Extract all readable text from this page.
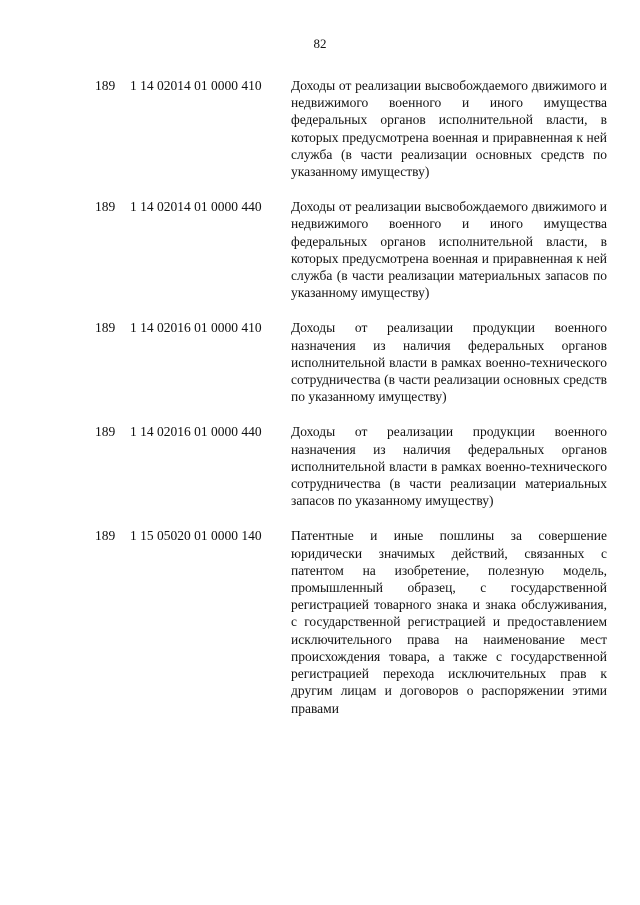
82
189 1 14 02014 01 0000 410 Доходы от реализации высвобождаемого движимого и недвижимого военного и иного имущества федеральных органов исполнительной власти, в которых предусмотрена военная и приравненная к ней служба (в части реализации основных средств по указанному имуществу)
189 1 14 02014 01 0000 440 Доходы от реализации высвобождаемого движимого и недвижимого военного и иного имущества федеральных органов исполнительной власти, в которых предусмотрена военная и приравненная к ней служба (в части реализации материальных запасов по указанному имуществу)
189 1 14 02016 01 0000 410 Доходы от реализации продукции военного назначения из наличия федеральных органов исполнительной власти в рамках военно-технического сотрудничества (в части реализации основных средств по указанному имуществу)
189 1 14 02016 01 0000 440 Доходы от реализации продукции военного назначения из наличия федеральных органов исполнительной власти в рамках военно-технического сотрудничества (в части реализации материальных запасов по указанному имуществу)
189 1 15 05020 01 0000 140 Патентные и иные пошлины за совершение юридически значимых действий, связанных с патентом на изобретение, полезную модель, промышленный образец, с государственной регистрацией товарного знака и знака обслуживания, с государственной регистрацией и предоставлением исключительного права на наименование мест происхождения товара, а также с государственной регистрацией перехода исключительных прав к другим лицам и договоров о распоряжении этими правами
